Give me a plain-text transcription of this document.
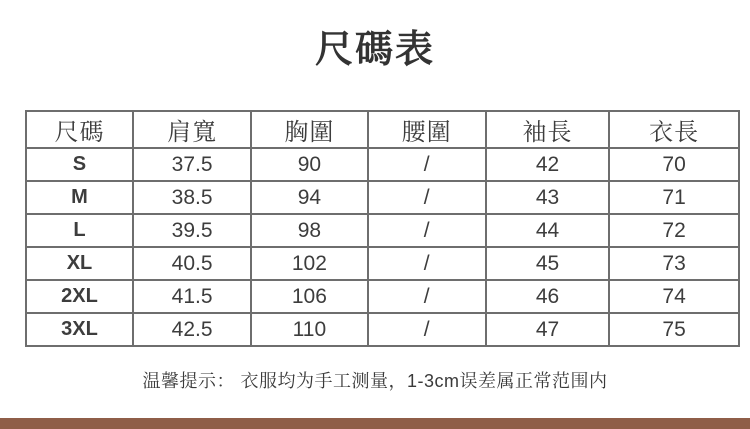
尺碼表
尺碼	肩寬	胸圍	腰圍	袖長	衣長
S	37.5	90	/	42	70
M	38.5	94	/	43	71
L	39.5	98	/	44	72
XL	40.5	102	/	45	73
2XL	41.5	106	/	46	74
3XL	42.5	110	/	47	75
温馨提示： 衣服均为手工测量，1-3cm误差属正常范围内
